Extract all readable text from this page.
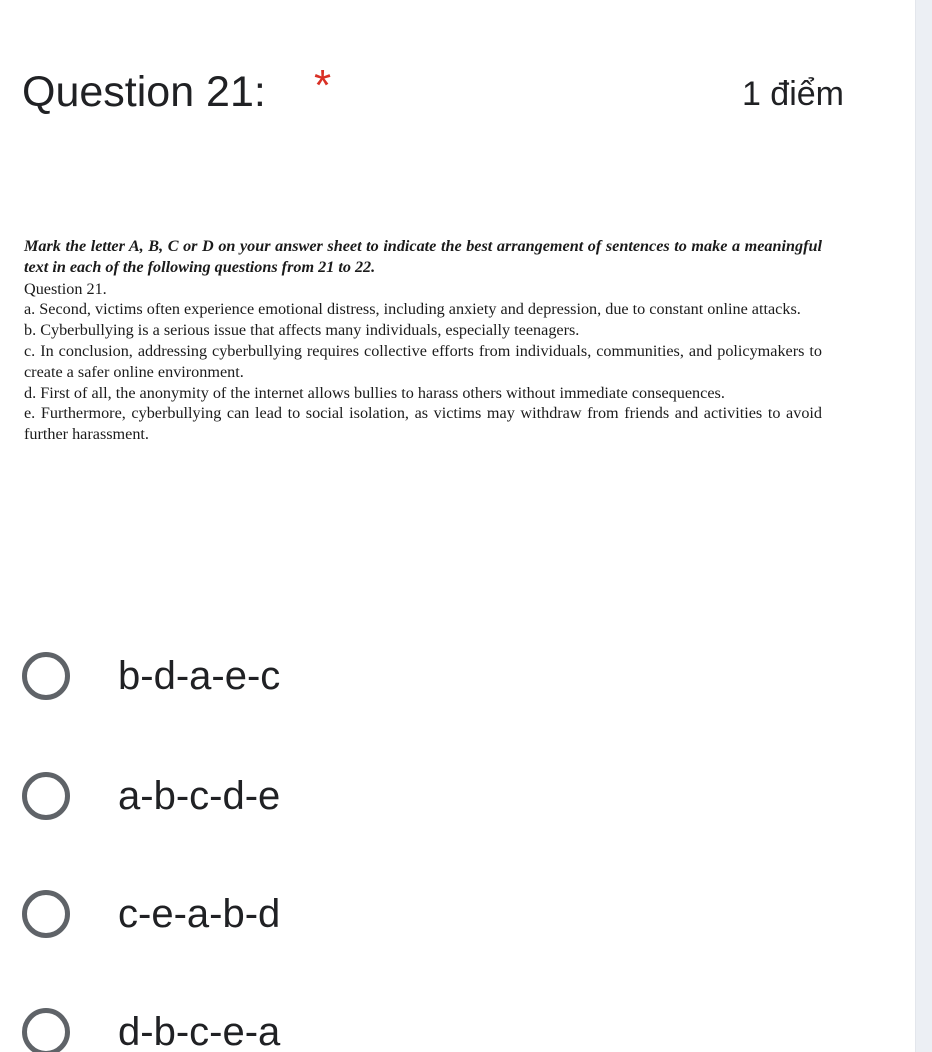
Question 21: *	1 điểm

Mark the letter A, B, C or D on your answer sheet to indicate the best arrangement of sentences to make a meaningful text in each of the following questions from 21 to 22.

Question 21.

a. Second, victims often experience emotional distress, including anxiety and depression, due to constant online attacks.

b. Cyberbullying is a serious issue that affects many individuals, especially teenagers.

c. In conclusion, addressing cyberbullying requires collective efforts from individuals, communities, and policymakers to create a safer online environment.

d. First of all, the anonymity of the internet allows bullies to harass others without immediate consequences.

e. Furthermore, cyberbullying can lead to social isolation, as victims may withdraw from friends and activities to avoid further harassment.

b-d-a-e-c
a-b-c-d-e
c-e-a-b-d
d-b-c-e-a
